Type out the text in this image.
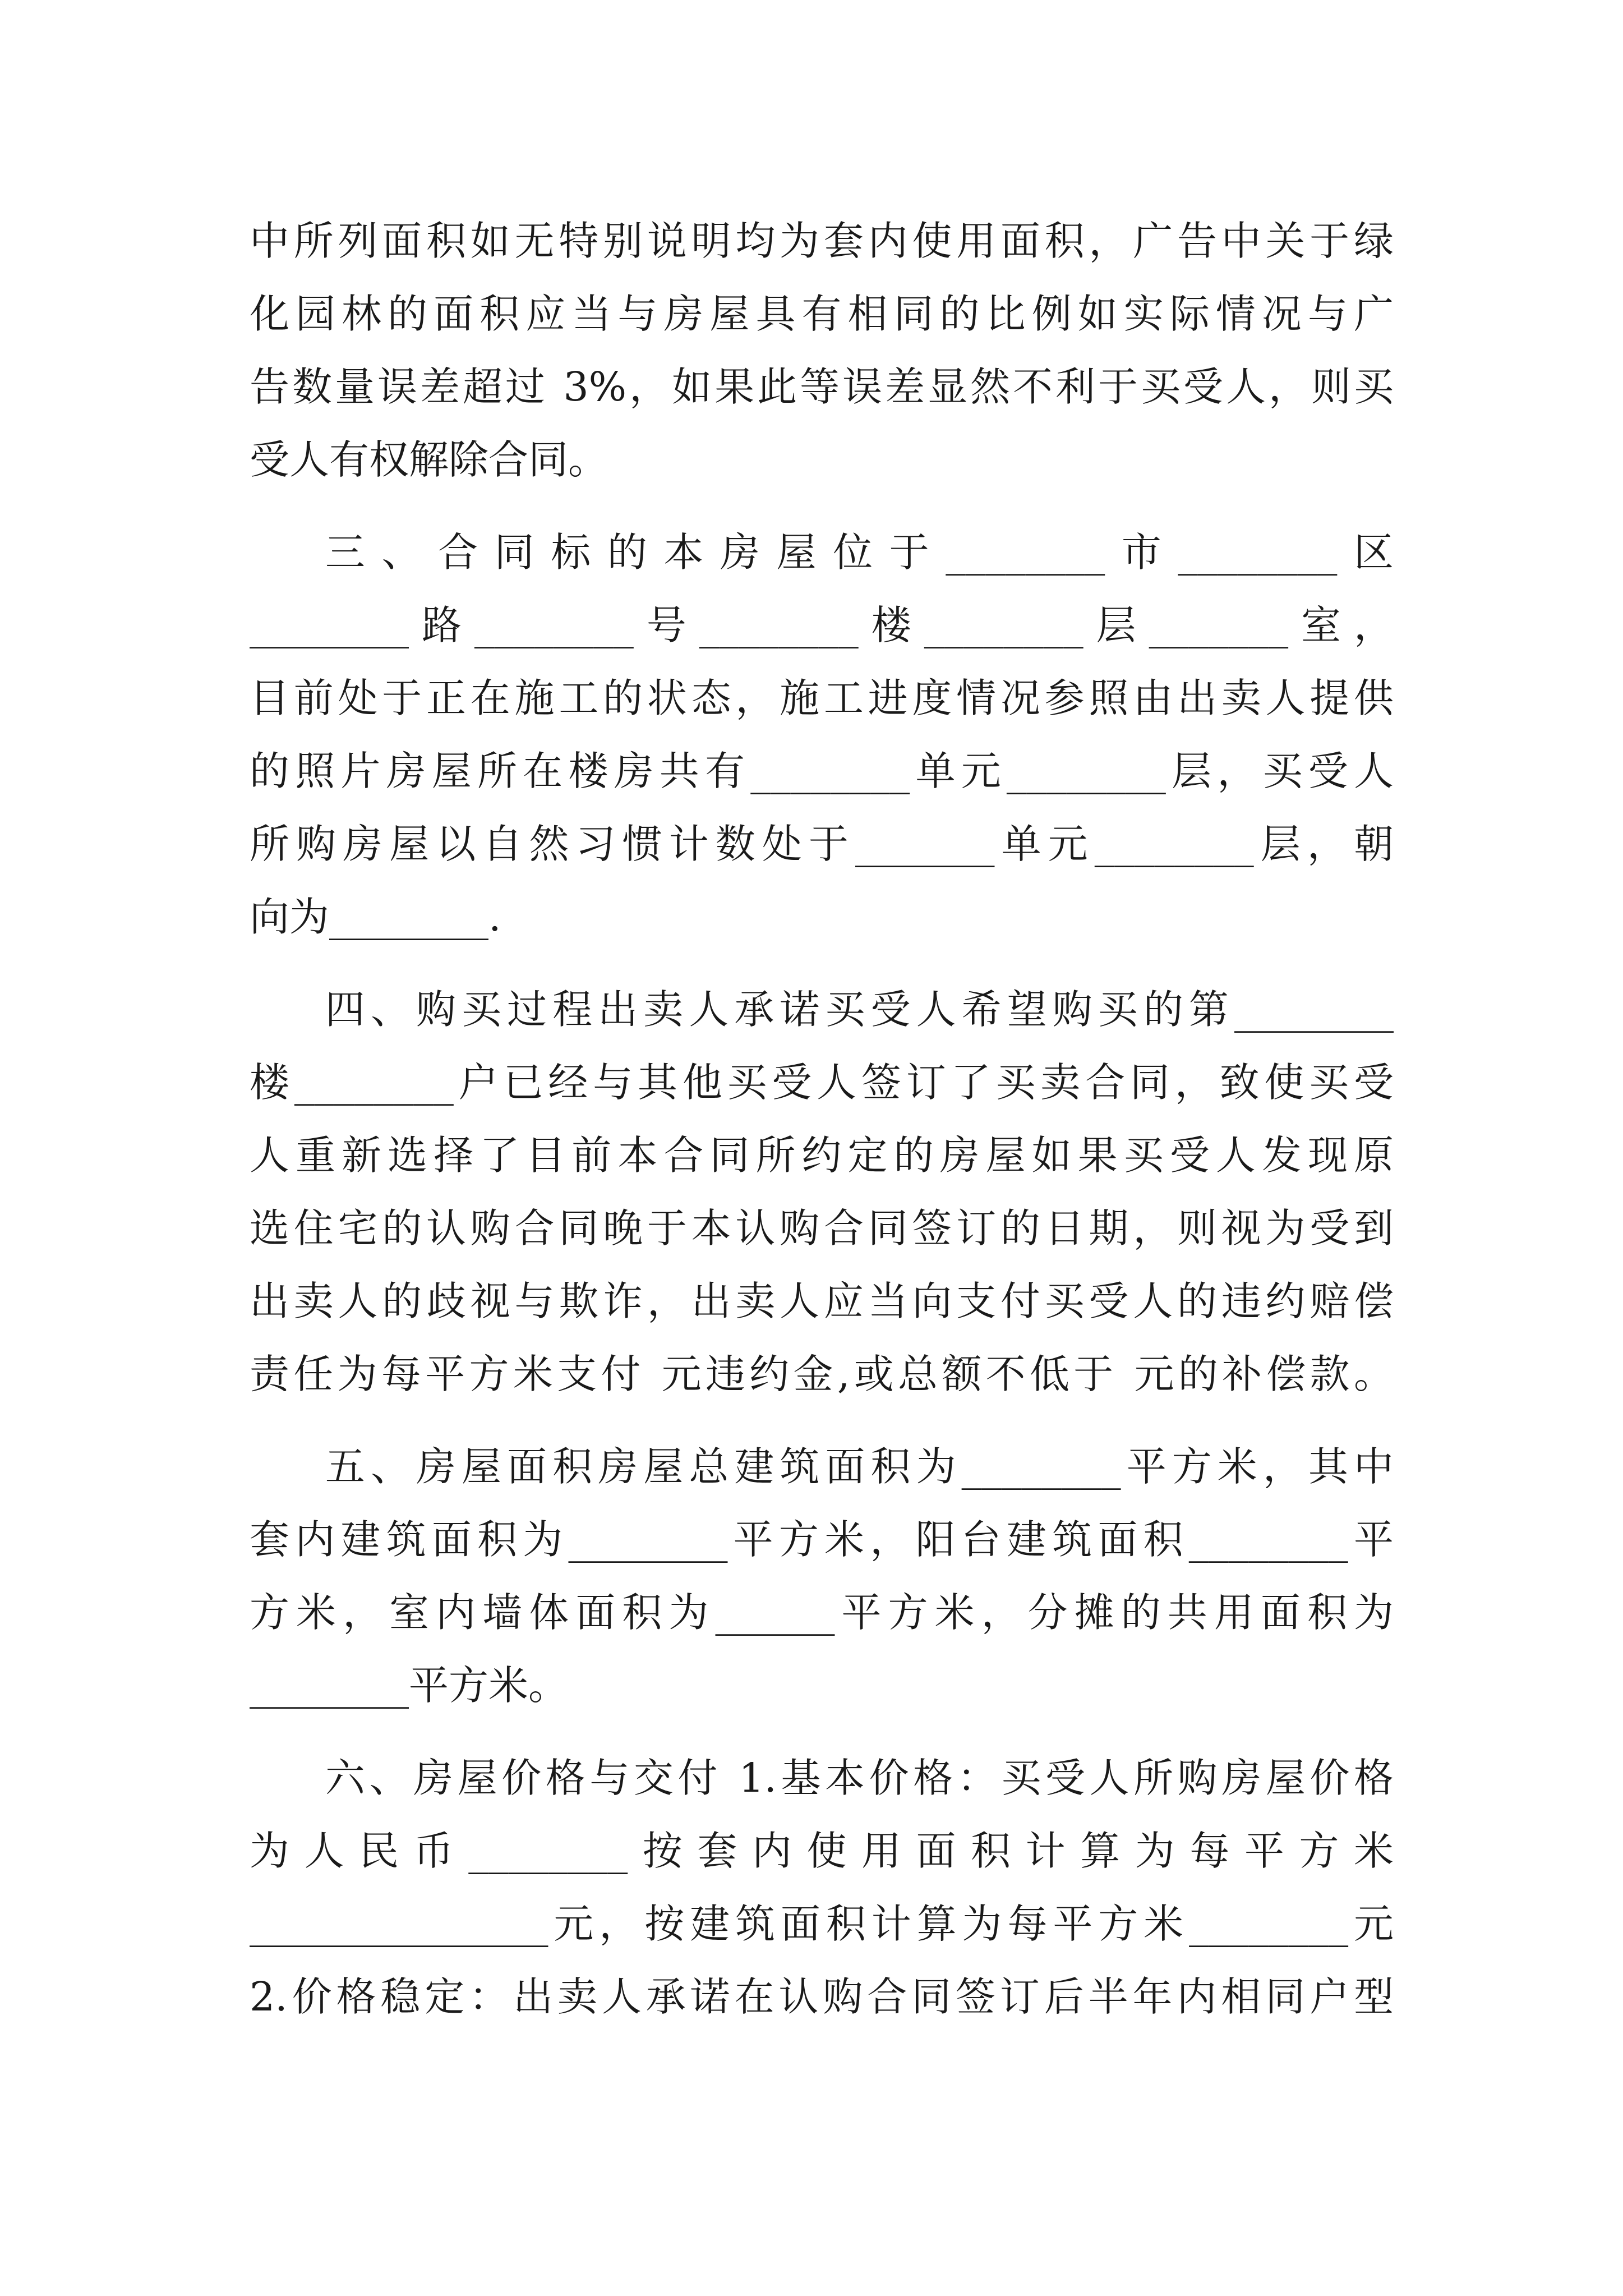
中所列面积如无特别说明均为套内使用面积，广告中关于绿
化园林的面积应当与房屋具有相同的比例如实际情况与广
告数量误差超过 3%，如果此等误差显然不利于买受人，则买
受人有权解除合同。
三、合同标的本房屋位于________市________区
________路________号________楼________层_______室，
目前处于正在施工的状态，施工进度情况参照由出卖人提供
的照片房屋所在楼房共有________单元________层，买受人
所购房屋以自然习惯计数处于_______单元________层，朝
向为________.
四、购买过程出卖人承诺买受人希望购买的第________
楼________户已经与其他买受人签订了买卖合同，致使买受
人重新选择了目前本合同所约定的房屋如果买受人发现原
选住宅的认购合同晚于本认购合同签订的日期，则视为受到
出卖人的歧视与欺诈，出卖人应当向支付买受人的违约赔偿
责任为每平方米支付 元违约金,或总额不低于 元的补偿款。
五、房屋面积房屋总建筑面积为________平方米，其中
套内建筑面积为________平方米，阳台建筑面积________平
方米，室内墙体面积为______平方米，分摊的共用面积为
________平方米。
六、房屋价格与交付 1.基本价格：买受人所购房屋价格
为人民币________按套内使用面积计算为每平方米
_______________元，按建筑面积计算为每平方米________元
2.价格稳定：出卖人承诺在认购合同签订后半年内相同户型
